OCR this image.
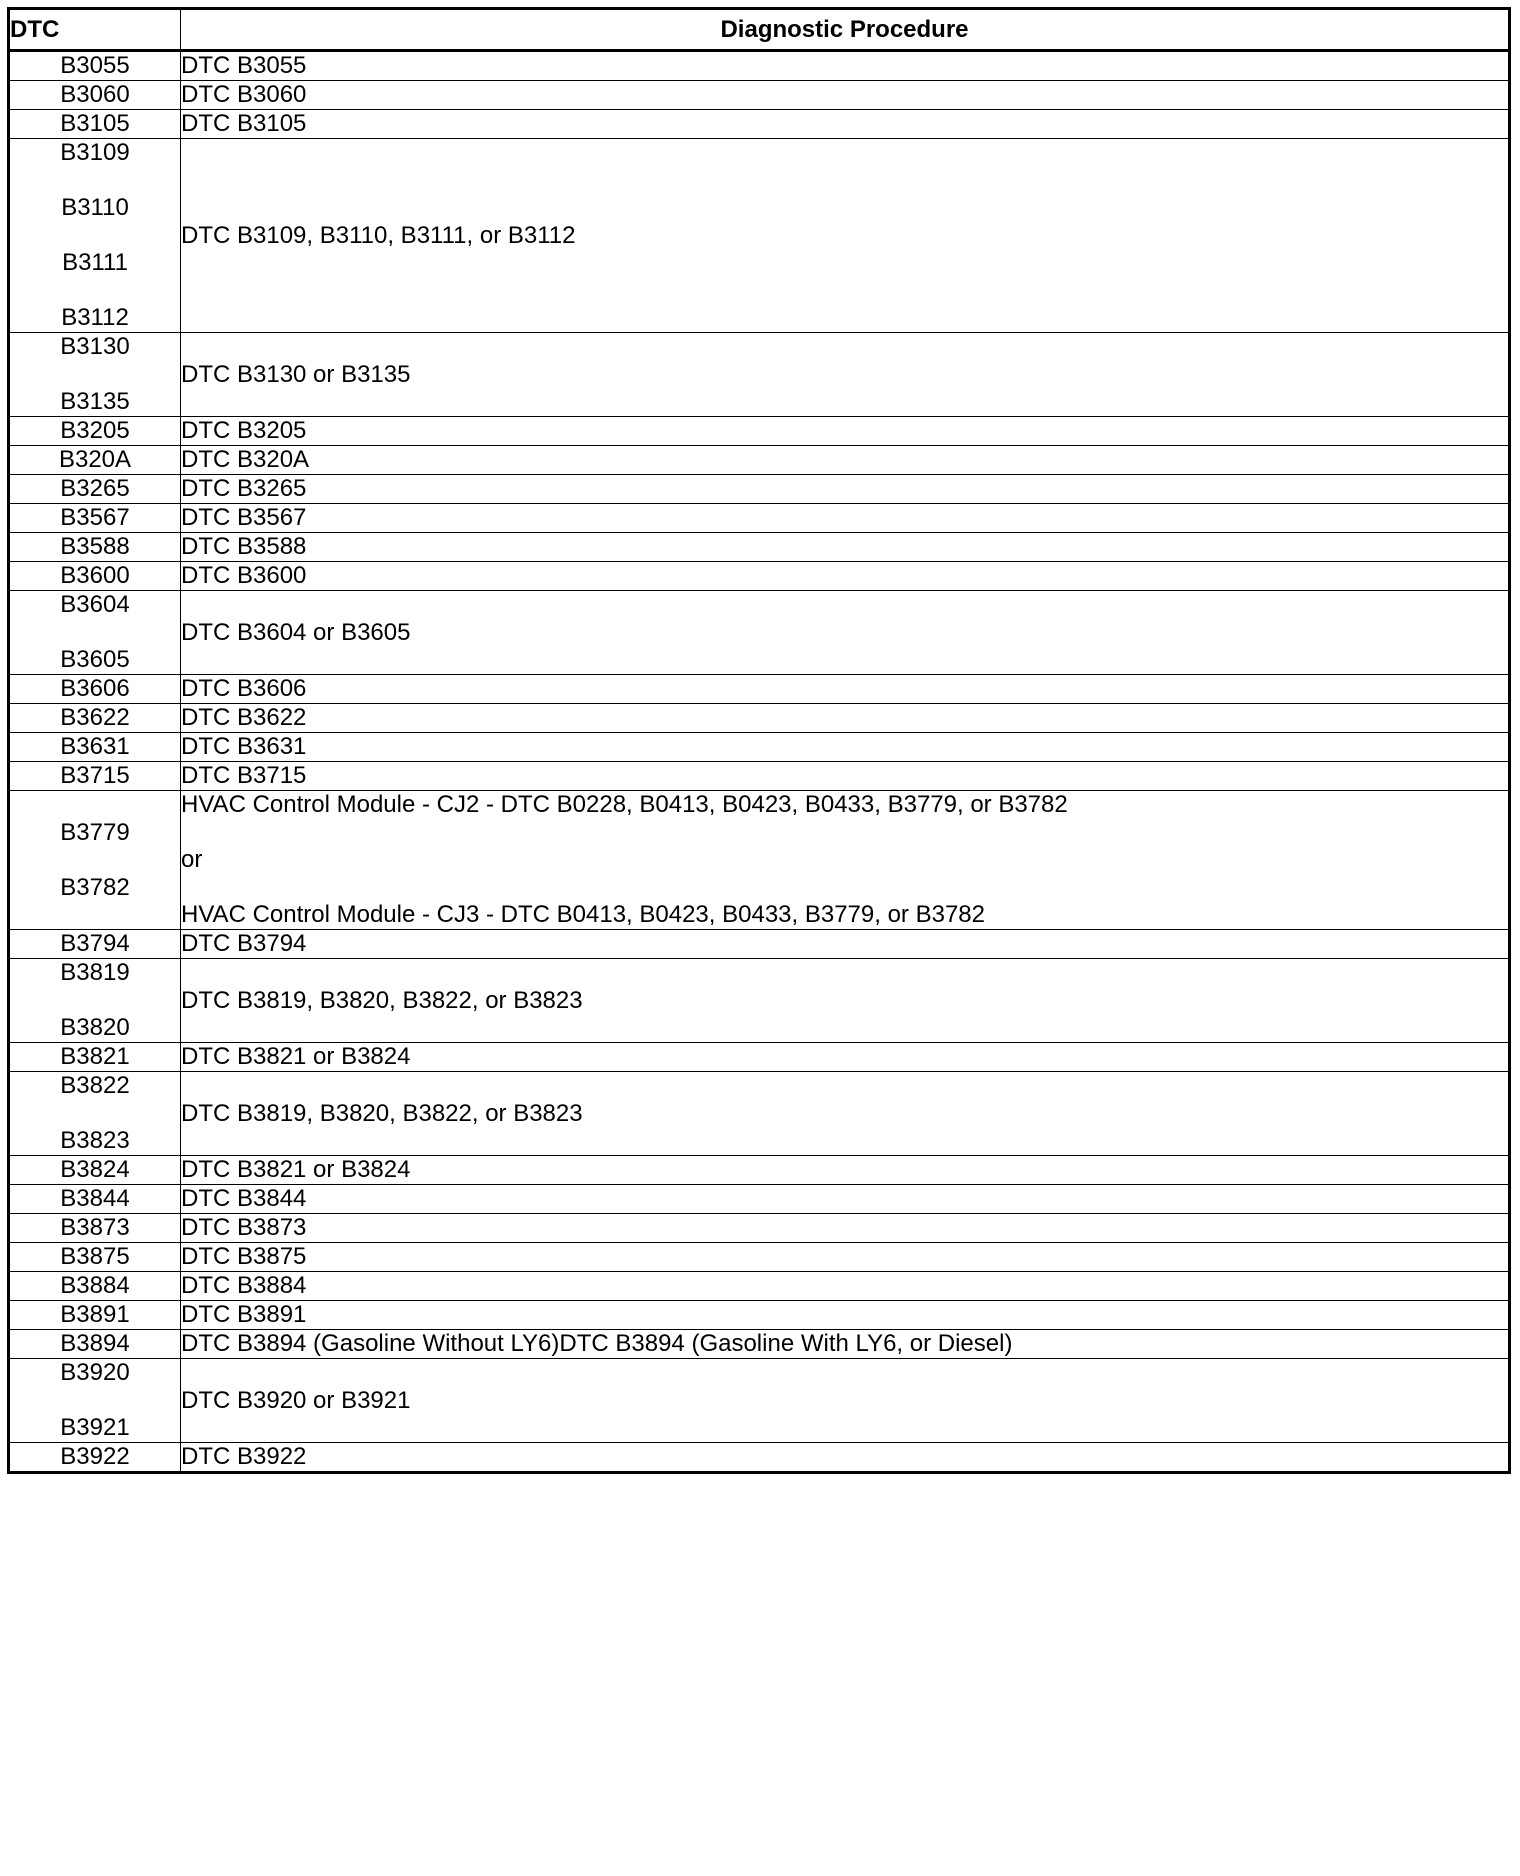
DTC	Diagnostic Procedure

B3055	DTC B3055

B3060	DTC B3060

B3105	DTC B3105

B3109
B3110
B3111
B3112	DTC B3109, B3110, B3111, or B3112

B3130
B3135	DTC B3130 or B3135

B3205	DTC B3205

B320A	DTC B320A

B3265	DTC B3265

B3567	DTC B3567

B3588	DTC B3588

B3600	DTC B3600

B3604
B3605	DTC B3604 or B3605

B3606	DTC B3606

B3622	DTC B3622

B3631	DTC B3631

B3715	DTC B3715

B3779
B3782	HVAC Control Module - CJ2 - DTC B0228, B0413, B0423, B0433, B3779, or B3782
or
HVAC Control Module - CJ3 - DTC B0413, B0423, B0433, B3779, or B3782

B3794	DTC B3794

B3819
B3820	DTC B3819, B3820, B3822, or B3823

B3821	DTC B3821 or B3824

B3822
B3823	DTC B3819, B3820, B3822, or B3823

B3824	DTC B3821 or B3824

B3844	DTC B3844

B3873	DTC B3873

B3875	DTC B3875

B3884	DTC B3884

B3891	DTC B3891

B3894	DTC B3894 (Gasoline Without LY6)DTC B3894 (Gasoline With LY6, or Diesel)

B3920
B3921	DTC B3920 or B3921

B3922	DTC B3922
